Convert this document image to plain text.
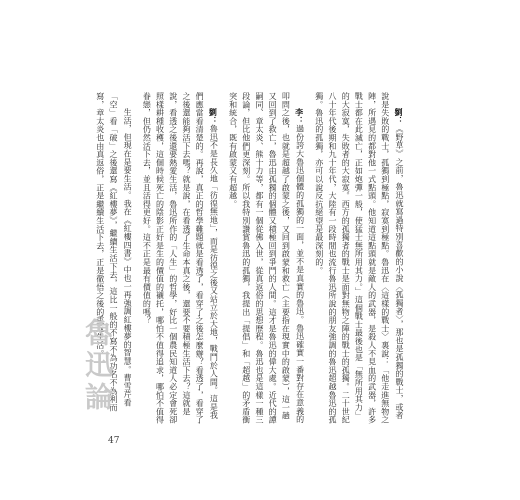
劉：《野草》之前，魯迅就寫過特別喜歡的小說〈孤獨者〉，那也是孤獨的戰士，或者說是失敗的戰士，孤獨到極點，寂寞到極點。魯迅在〈這樣的戰士〉裏說：「他走進無物之陣，所遇見的都對他一式點頭。他知道這點頭就是敵人的武器，是殺人不見血的武器，許多戰士都在此滅亡，正如炮彈一般，使猛士無所用其力。」這個戰士最後也是「無所用其力」的大寂寞，失敗者的大寂寞。西方的孤獨者的戰士是面對無物之陣的戰士的孤獨。二十世紀八十年代後期和九十年代，大陸有一段時間也流行魯迅所說的朋友強調的魯迅超越魯迅的孤獨。魯迅的孤獨，亦可以說反抗絕望是最深刻的。

李：過份誇大魯迅個體的孤獨的一面，並不是真實的魯迅。魯迅確實一番對存在意義的叩問之後，也就是超越了啟蒙之後，又回到啟蒙和救亡（主要指在現實中的啟蒙），這一趟又回到了救亡，魯迅由孤獨的個體又積極回到爭鬥的人間。這才是魯迅的偉大處。近代的譚嗣同、章太炎、熊十力等，都有一個從佛入世，從真返俗的思想歷程。魯迅也是這樣一種三段論，但比他們更深刻。所以我特別讚賞魯迅的孤獨，我提出「提倡」和「超越」的矛盾衝突和統合，既有啟蒙又有超越。

劉：魯迅不是長久地「彷徨無地」，而是彷徨之後又站立於大地，戰鬥於人間。這是我們應當看清楚的。再說，真正的哲學難題就是看透了，看穿了之後怎麼辦？看透了，看穿了之後還能夠活下去嗎？就是說，在看透了生命本真之後，還要不要積極生活下去？這就是說，看透之後還要熱愛生活，魯迅所作的「人生」的哲學，好比一個農民知道人必定會死卻照樣耕種收穫，這個時候死亡的陰影正好是生的價值的襯托，哪怕不值得追求，哪怕不值得眷戀，但仍然活下去，並且活得更好。這不正是最有價值的嗎？

生活，但現在是要生活。我在《紅樓四書》中也一再強調紅樓夢的智慧。曹雪芹看「空」看「破」之後還寫《紅樓夢》，繼續生活下去，這比一般的不寫不為功名不為利而寫，章太炎也由真返俗，正是繼續生活下去，正是徹悟之後的重返生活。

魯迅論
47
